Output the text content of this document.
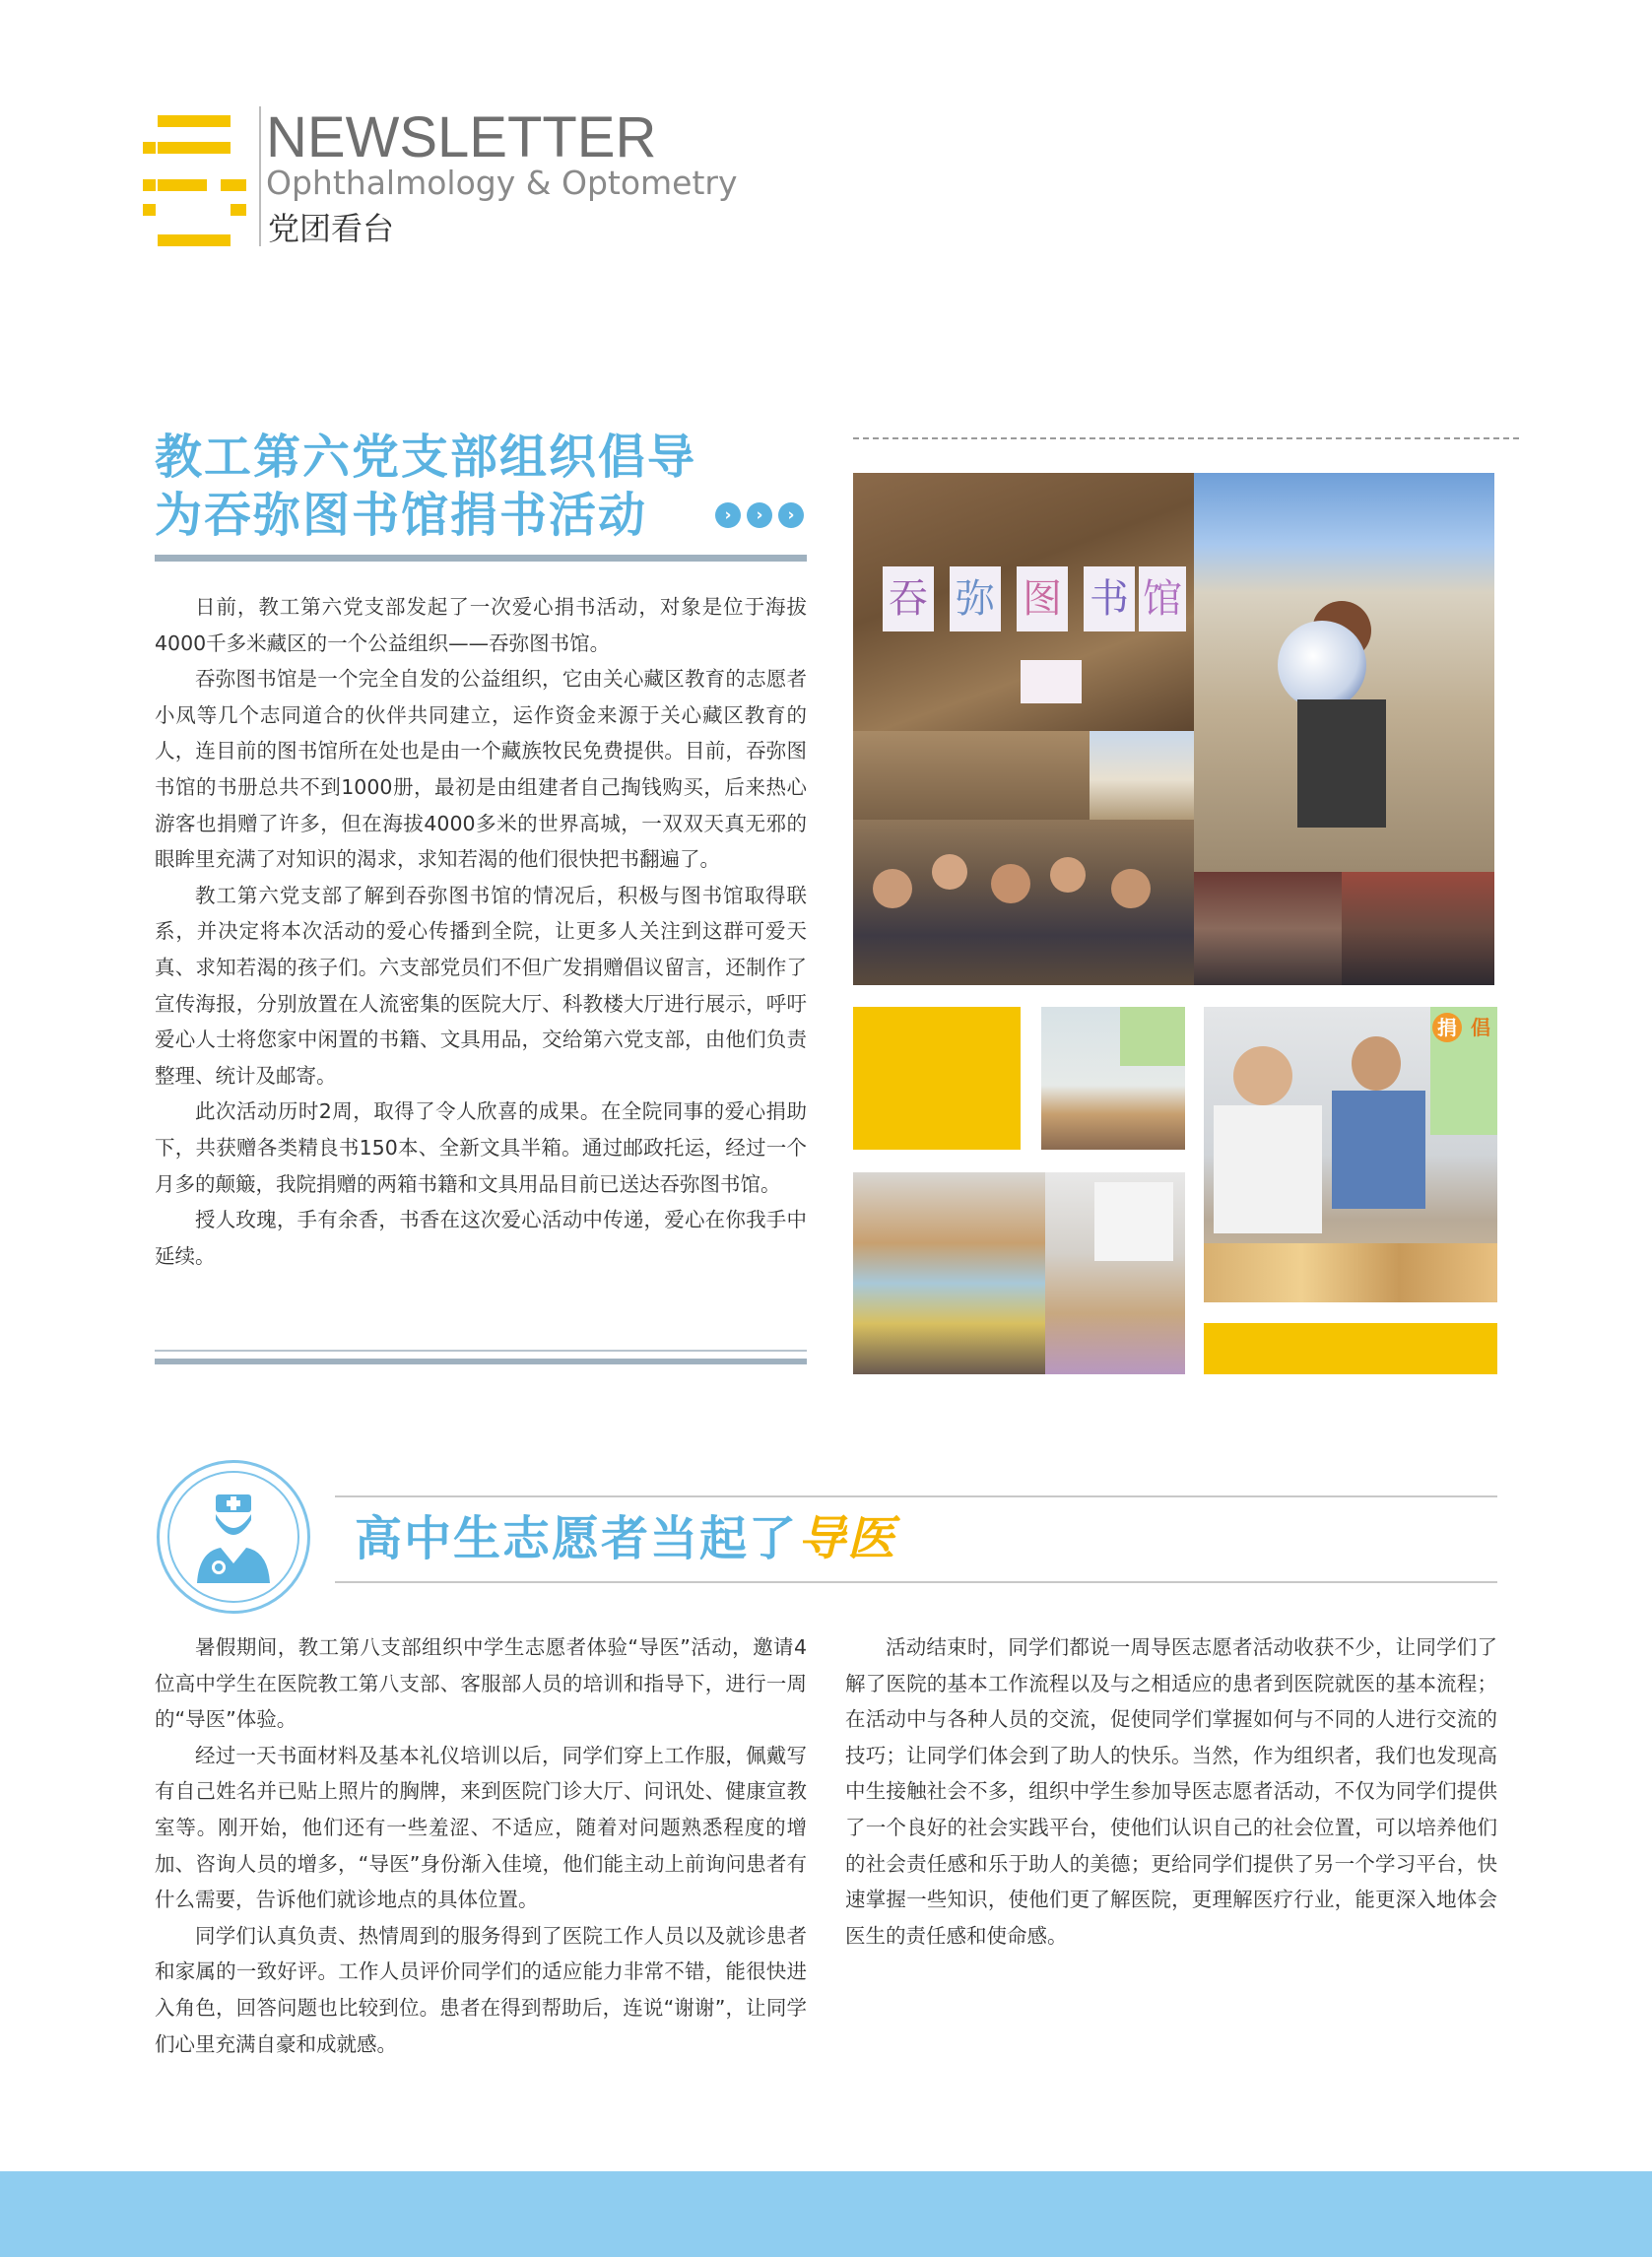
NEWSLETTER
Ophthalmology & Optometry
党团看台
教工第六党支部组织倡导
为吞弥图书馆捐书活动	›	›	›

日前，教工第六党支部发起了一次爱心捐书活动，对象是位于海拔4000千多米藏区的一个公益组织——吞弥图书馆。

吞弥图书馆是一个完全自发的公益组织，它由关心藏区教育的志愿者小凤等几个志同道合的伙伴共同建立，运作资金来源于关心藏区教育的人，连目前的图书馆所在处也是由一个藏族牧民免费提供。目前，吞弥图书馆的书册总共不到1000册，最初是由组建者自己掏钱购买，后来热心游客也捐赠了许多，但在海拔4000多米的世界高城，一双双天真无邪的眼眸里充满了对知识的渴求，求知若渴的他们很快把书翻遍了。

教工第六党支部了解到吞弥图书馆的情况后，积极与图书馆取得联系，并决定将本次活动的爱心传播到全院，让更多人关注到这群可爱天真、求知若渴的孩子们。六支部党员们不但广发捐赠倡议留言，还制作了宣传海报，分别放置在人流密集的医院大厅、科教楼大厅进行展示，呼吁爱心人士将您家中闲置的书籍、文具用品，交给第六党支部，由他们负责整理、统计及邮寄。

此次活动历时2周，取得了令人欣喜的成果。在全院同事的爱心捐助下，共获赠各类精良书150本、全新文具半箱。通过邮政托运，经过一个月多的颠簸，我院捐赠的两箱书籍和文具用品目前已送达吞弥图书馆。

授人玫瑰，手有余香，书香在这次爱心活动中传递，爱心在你我手中延续。

吞 弥 图 书 馆
捐 倡
高中生志愿者当起了导医

暑假期间，教工第八支部组织中学生志愿者体验“导医”活动，邀请4位高中学生在医院教工第八支部、客服部人员的培训和指导下，进行一周的“导医”体验。

经过一天书面材料及基本礼仪培训以后，同学们穿上工作服，佩戴写有自己姓名并已贴上照片的胸牌，来到医院门诊大厅、问讯处、健康宣教室等。刚开始，他们还有一些羞涩、不适应，随着对问题熟悉程度的增加、咨询人员的增多，“导医”身份渐入佳境，他们能主动上前询问患者有什么需要，告诉他们就诊地点的具体位置。

同学们认真负责、热情周到的服务得到了医院工作人员以及就诊患者和家属的一致好评。工作人员评价同学们的适应能力非常不错，能很快进入角色，回答问题也比较到位。患者在得到帮助后，连说“谢谢”，让同学们心里充满自豪和成就感。

活动结束时，同学们都说一周导医志愿者活动收获不少，让同学们了解了医院的基本工作流程以及与之相适应的患者到医院就医的基本流程；在活动中与各种人员的交流，促使同学们掌握如何与不同的人进行交流的技巧；让同学们体会到了助人的快乐。当然，作为组织者，我们也发现高中生接触社会不多，组织中学生参加导医志愿者活动，不仅为同学们提供了一个良好的社会实践平台，使他们认识自己的社会位置，可以培养他们的社会责任感和乐于助人的美德；更给同学们提供了另一个学习平台，快速掌握一些知识，使他们更了解医院，更理解医疗行业，能更深入地体会医生的责任感和使命感。
